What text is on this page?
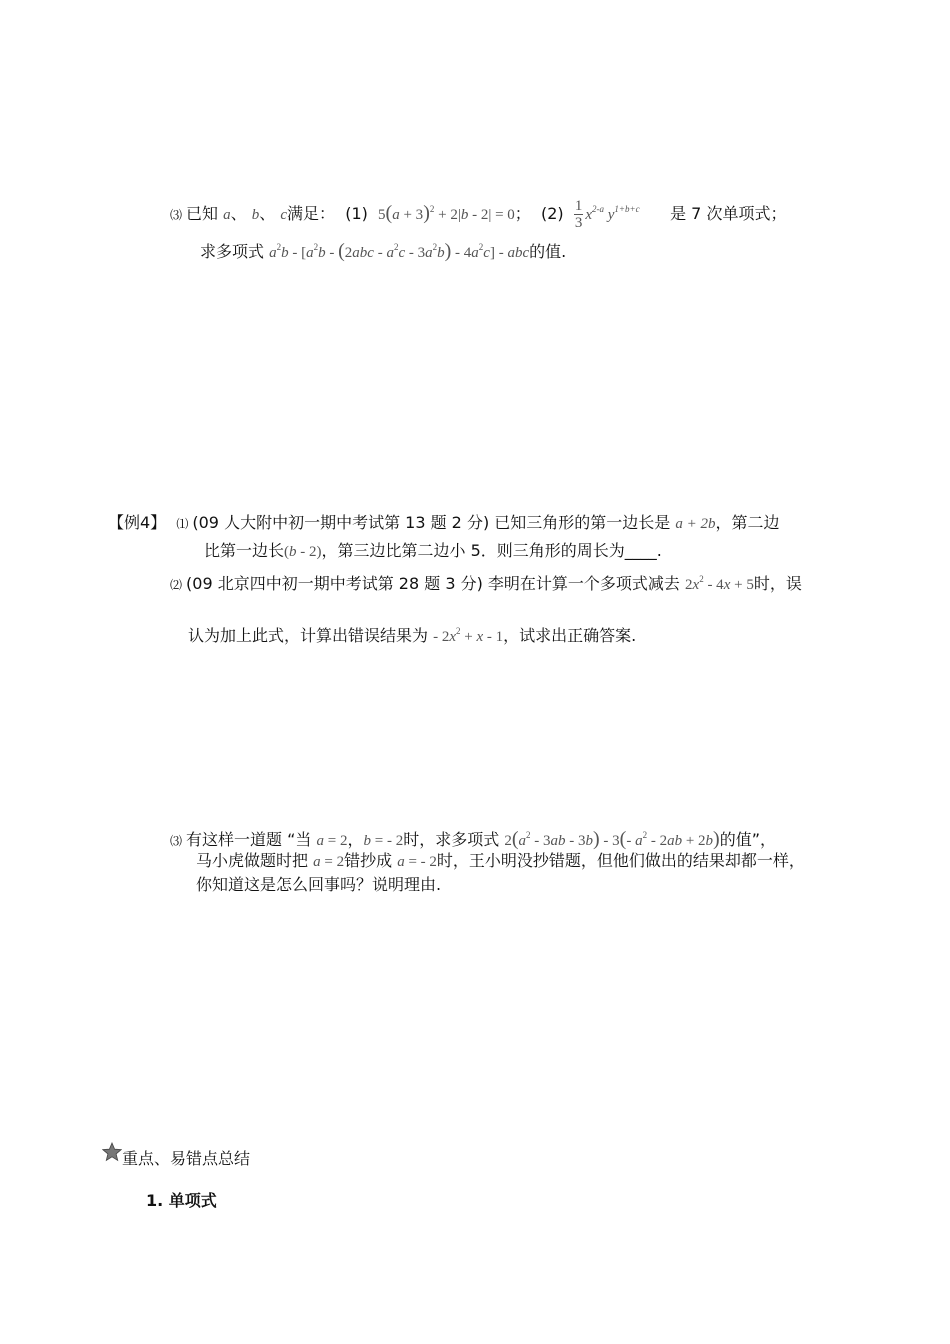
⑶ 已知 a、 b、 c满足： (1) $5(a + 3)^2 + 2|b - 2| = 0$； $(2) \frac{1}{3} x^{2-a}$ $y^{1+b+c}$ 是 7 次单项式；
求多项式 $a^2b - [a^2b - (2abc - a^2c - 3a^2b) - 4a^2c]$ - abc的值.
【例4】 ⑴ (09 人大附中初一期中考试第 13 题 2 分) 已知三角形的第一边长是 a + 2b，第二边
比第一边长(b - 2)，第三边比第二边小 5．则三角形的周长为____.
⑵ (09 北京四中初一期中考试第 28 题 3 分) 李明在计算一个多项式减去 $2x^2 - 4x + 5$时，误
认为加上此式，计算出错误结果为 - $2x^2 + x - 1$，试求出正确答案.
⑶ 有这样一道题 “当 a = 2，b = - 2时，求多项式 $2(a^2 - 3ab - 3b) - 3(-$ $a^2 - 2ab + 2b$)的值”，
马小虎做题时把 a = 2错抄成 a = - 2时，王小明没抄错题，但他们做出的结果却都一样，
你知道这是怎么回事吗？说明理由.
重点、易错点总结
1. 单项式
